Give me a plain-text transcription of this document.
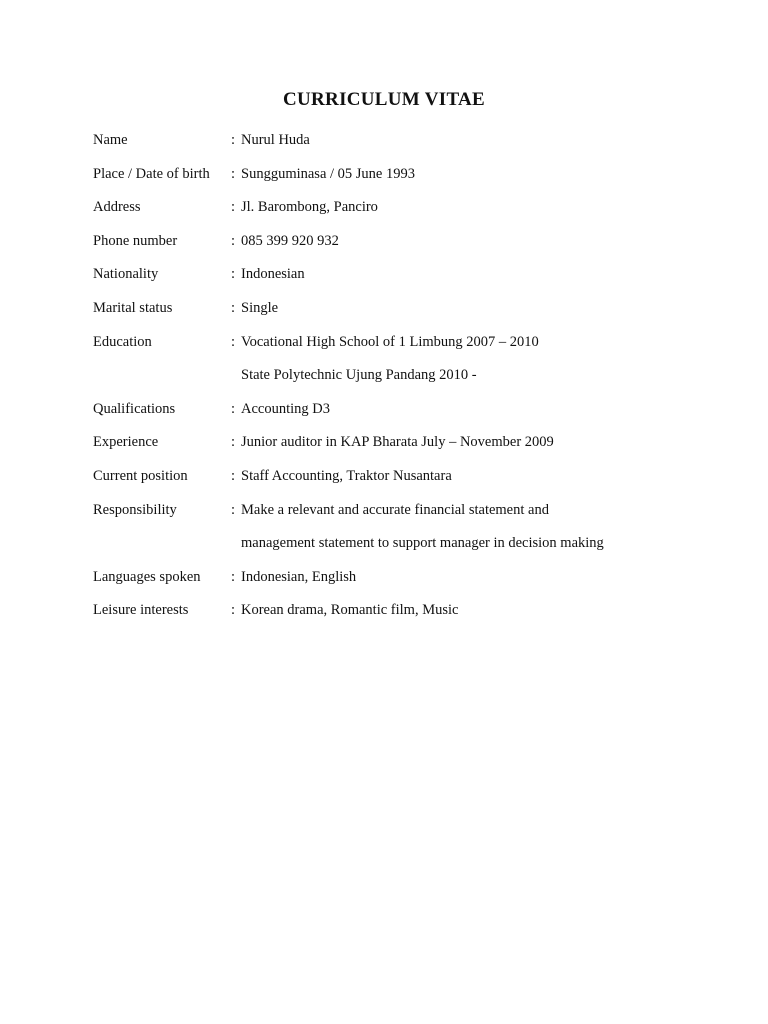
CURRICULUM VITAE
Name	: Nurul Huda
Place / Date of birth	: Sungguminasa / 05 June 1993
Address	: Jl. Barombong, Panciro
Phone number	: 085 399 920 932
Nationality	: Indonesian
Marital status	: Single
Education	: Vocational High School of 1 Limbung 2007 – 2010
State Polytechnic Ujung Pandang 2010 -
Qualifications	: Accounting D3
Experience	: Junior auditor in KAP Bharata July – November 2009
Current position	: Staff Accounting, Traktor Nusantara
Responsibility	: Make a relevant and accurate financial statement and
management statement to support manager in decision making
Languages spoken	: Indonesian, English
Leisure interests	: Korean drama, Romantic film, Music
